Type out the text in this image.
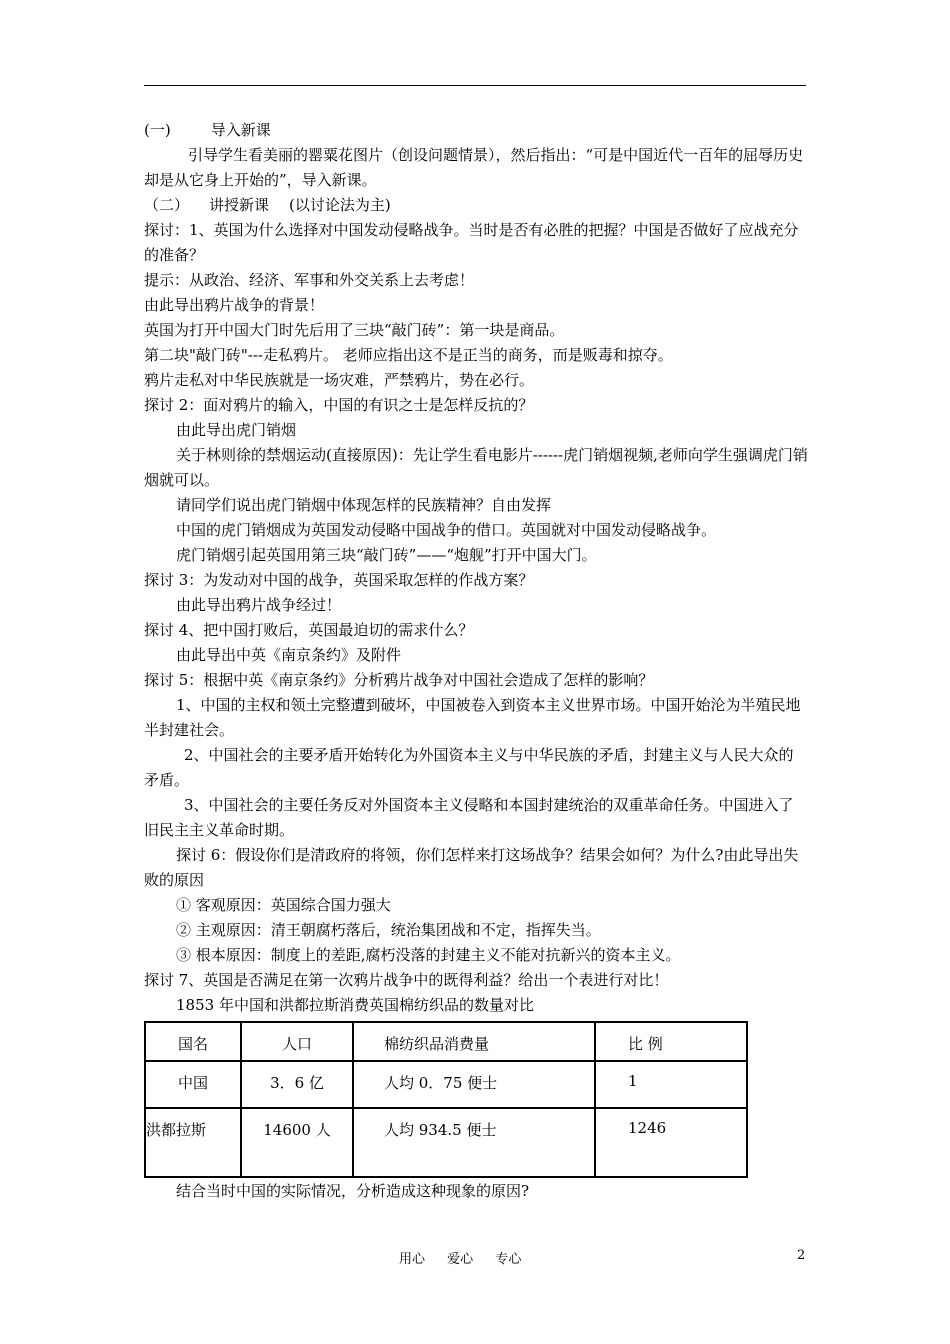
(一)	导入新课

引导学生看美丽的罂粟花图片（创设问题情景），然后指出：“可是中国近代一百年的屈辱历史却是从它身上开始的”，导入新课。

（二） 讲授新课 (以讨论法为主)

探讨：1、英国为什么选择对中国发动侵略战争。当时是否有必胜的把握？中国是否做好了应战充分的准备？

提示：从政治、经济、军事和外交关系上去考虑！

由此导出鸦片战争的背景！

英国为打开中国大门时先后用了三块“敲门砖”：第一块是商品。

第二块"敲门砖"---走私鸦片。 老师应指出这不是正当的商务，而是贩毒和掠夺。

鸦片走私对中华民族就是一场灾难，严禁鸦片，势在必行。

探讨 2：面对鸦片的输入，中国的有识之士是怎样反抗的？

由此导出虎门销烟

关于林则徐的禁烟运动(直接原因)：先让学生看电影片------虎门销烟视频,老师向学生强调虎门销烟就可以。

请同学们说出虎门销烟中体现怎样的民族精神？自由发挥

中国的虎门销烟成为英国发动侵略中国战争的借口。英国就对中国发动侵略战争。

虎门销烟引起英国用第三块“敲门砖”——“炮舰”打开中国大门。

探讨 3：为发动对中国的战争，英国采取怎样的作战方案？

由此导出鸦片战争经过！

探讨 4、把中国打败后，英国最迫切的需求什么？

由此导出中英《南京条约》及附件

探讨 5：根据中英《南京条约》分析鸦片战争对中国社会造成了怎样的影响？

1、中国的主权和领土完整遭到破坏，中国被卷入到资本主义世界市场。中国开始沦为半殖民地半封建社会。

2、中国社会的主要矛盾开始转化为外国资本主义与中华民族的矛盾，封建主义与人民大众的矛盾。

3、中国社会的主要任务反对外国资本主义侵略和本国封建统治的双重革命任务。中国进入了旧民主主义革命时期。

探讨 6：假设你们是清政府的将领，你们怎样来打这场战争？结果会如何？为什么?由此导出失败的原因

① 客观原因：英国综合国力强大

② 主观原因：清王朝腐朽落后，统治集团战和不定，指挥失当。

③ 根本原因：制度上的差距,腐朽没落的封建主义不能对抗新兴的资本主义。

探讨 7、英国是否满足在第一次鸦片战争中的既得利益？给出一个表进行对比！

1853 年中国和洪都拉斯消费英国棉纺织品的数量对比

国名	人口	棉纺织品消费量	比 例
中国	3．6 亿	人均 0．75 便士	1
洪都拉斯	14600 人	人均 934.5 便士	1246
结合当时中国的实际情况，分析造成这种现象的原因?
用心 爱心 专心	2
